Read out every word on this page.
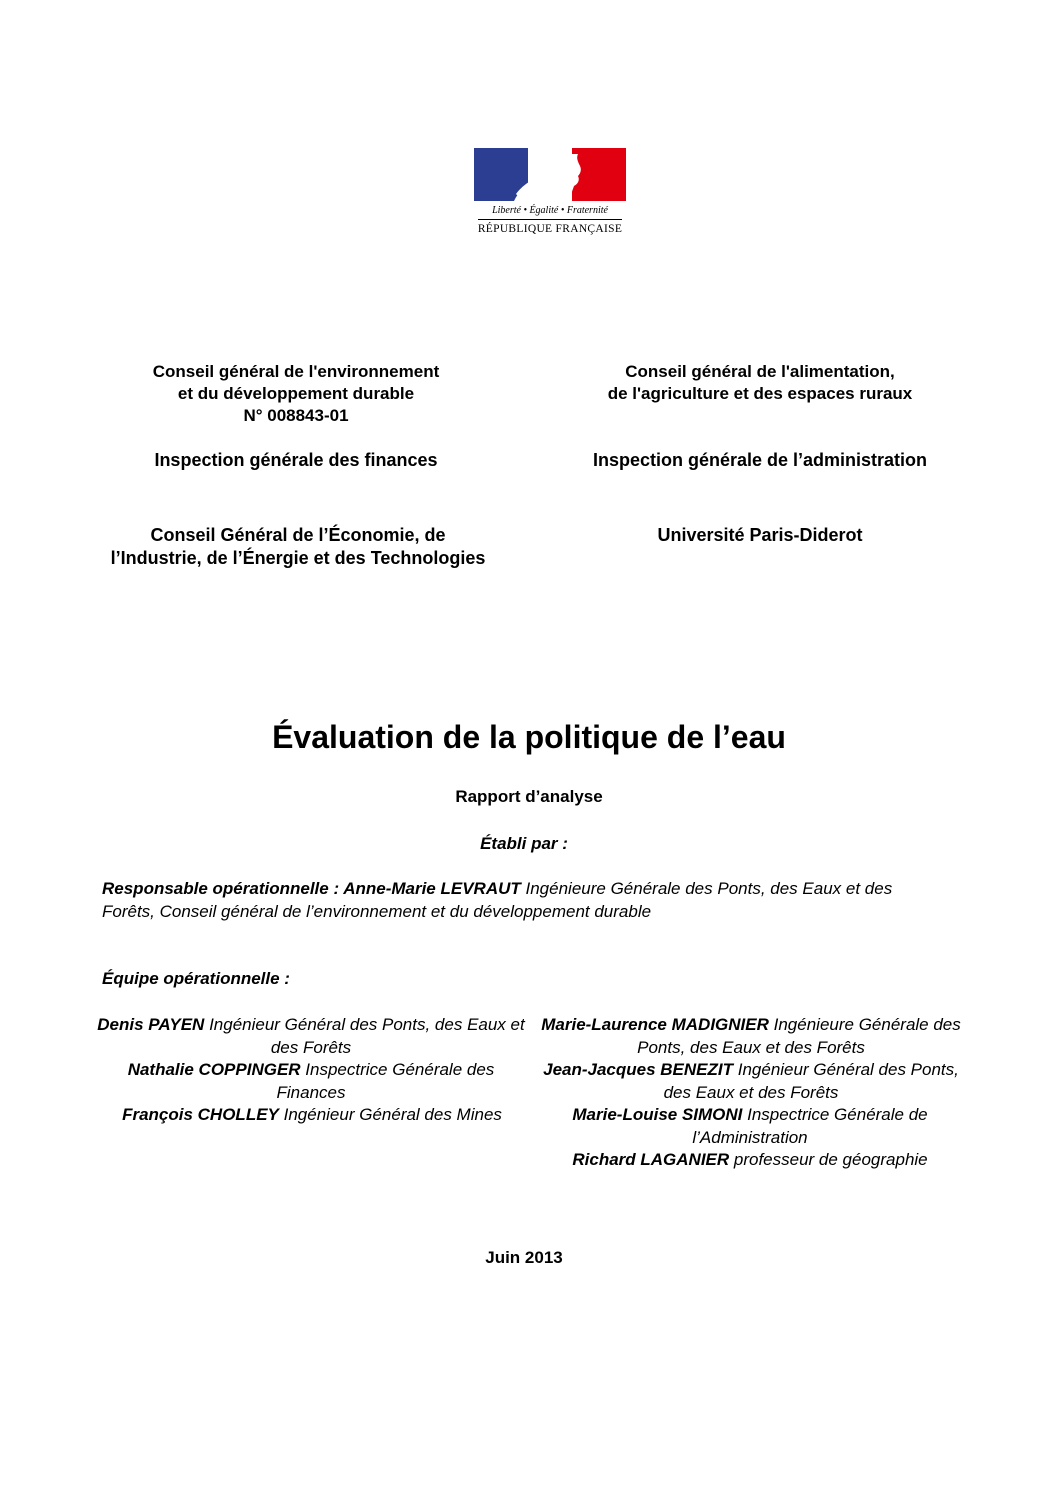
Liberté • Égalité • Fraternité
RÉPUBLIQUE FRANÇAISE
Conseil général de l'environnement
et du développement durable
N° 008843-01
Inspection générale des finances
Conseil Général de l’Économie, de
l’Industrie, de l’Énergie et des Technologies
Conseil général de l'alimentation,
de l'agriculture et des espaces ruraux
Inspection générale de l’administration
Université Paris-Diderot
Évaluation de la politique de l’eau
Rapport d’analyse
Établi par :
Responsable opérationnelle : Anne-Marie LEVRAUT Ingénieure Générale des Ponts, des Eaux et des Forêts, Conseil général de l’environnement et du développement durable
Équipe opérationnelle :
Denis PAYEN Ingénieur Général des Ponts, des Eaux et des Forêts
Nathalie COPPINGER Inspectrice Générale des Finances
François CHOLLEY Ingénieur Général des Mines
Marie-Laurence MADIGNIER Ingénieure Générale des Ponts, des Eaux et des Forêts
Jean-Jacques BENEZIT Ingénieur Général des Ponts, des Eaux et des Forêts
Marie-Louise SIMONI Inspectrice Générale de l’Administration
Richard LAGANIER professeur de géographie
Juin 2013
